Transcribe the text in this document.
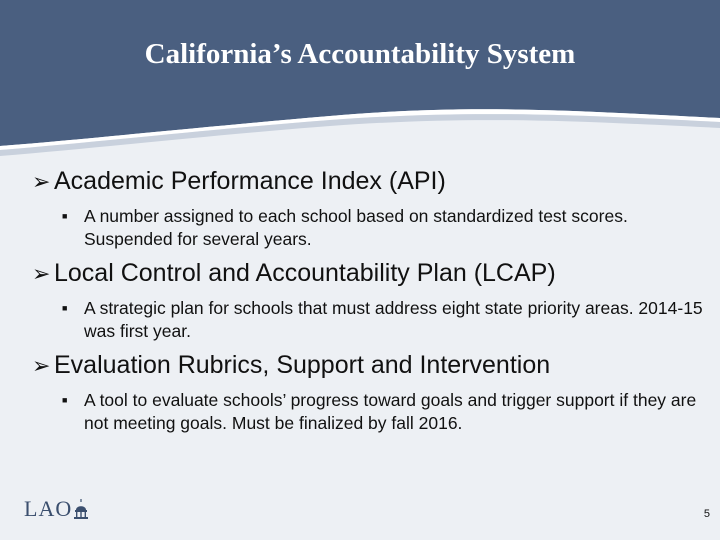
California’s Accountability System
➢ Academic Performance Index (API)
■ A number assigned to each school based on standardized test scores. Suspended for several years.
➢ Local Control and Accountability Plan (LCAP)
■ A strategic plan for schools that must address eight state priority areas. 2014-15 was first year.
➢ Evaluation Rubrics, Support and Intervention
■ A tool to evaluate schools’ progress toward goals and trigger support if they are not meeting goals. Must be finalized by fall 2016.
LAO	5
